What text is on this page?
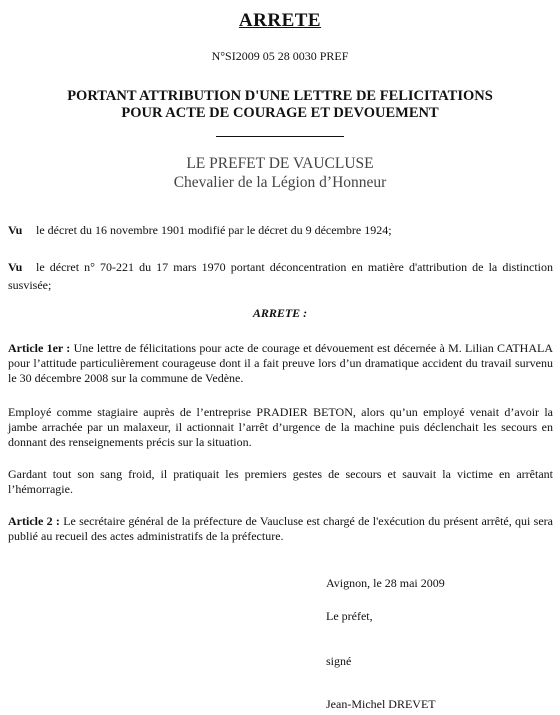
ARRETE
N°SI2009 05 28 0030 PREF
PORTANT ATTRIBUTION D'UNE LETTRE DE FELICITATIONS
POUR ACTE DE COURAGE ET DEVOUEMENT
LE PREFET DE VAUCLUSE
Chevalier de la Légion d’Honneur
Vu le décret du 16 novembre 1901 modifié par le décret du 9 décembre 1924;
Vu le décret n° 70-221 du 17 mars 1970 portant déconcentration en matière d'attribution de la distinction susvisée;
ARRETE :
Article 1er : Une lettre de félicitations pour acte de courage et dévouement est décernée à M. Lilian CATHALA pour l’attitude particulièrement courageuse dont il a fait preuve lors d’un dramatique accident du travail survenu le 30 décembre 2008 sur la commune de Vedène.
Employé comme stagiaire auprès de l’entreprise PRADIER BETON, alors qu’un employé venait d’avoir la jambe arrachée par un malaxeur, il actionnait l’arrêt d’urgence de la machine puis déclenchait les secours en donnant des renseignements précis sur la situation.
Gardant tout son sang froid, il pratiquait les premiers gestes de secours et sauvait la victime en arrêtant l’hémorragie.
Article 2 : Le secrétaire général de la préfecture de Vaucluse est chargé de l'exécution du présent arrêté, qui sera publié au recueil des actes administratifs de la préfecture.
Avignon, le 28 mai 2009
Le préfet,
signé
Jean-Michel DREVET
